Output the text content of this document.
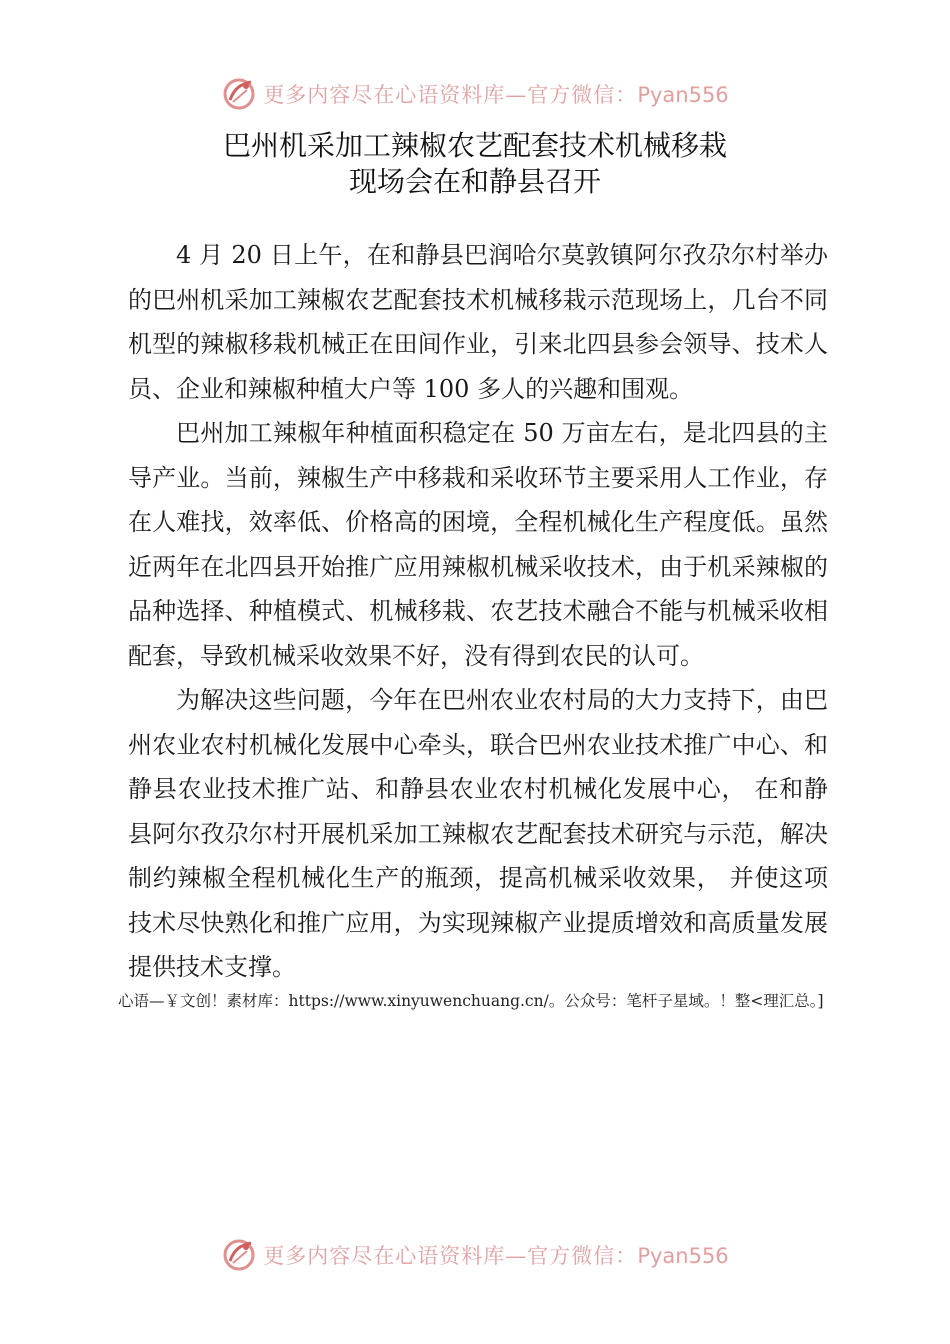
更多内容尽在心语资料库—官方微信：Pyan556
巴州机采加工辣椒农艺配套技术机械移栽
现场会在和静县召开

4 月 20 日上午，在和静县巴润哈尔莫敦镇阿尔孜尕尔村举办的巴州机采加工辣椒农艺配套技术机械移栽示范现场上，几台不同机型的辣椒移栽机械正在田间作业，引来北四县参会领导、技术人员、企业和辣椒种植大户等 100 多人的兴趣和围观。

巴州加工辣椒年种植面积稳定在 50 万亩左右，是北四县的主导产业。当前，辣椒生产中移栽和采收环节主要采用人工作业，存在人难找，效率低、价格高的困境，全程机械化生产程度低。虽然近两年在北四县开始推广应用辣椒机械采收技术，由于机采辣椒的品种选择、种植模式、机械移栽、农艺技术融合不能与机械采收相配套，导致机械采收效果不好，没有得到农民的认可。

为解决这些问题，今年在巴州农业农村局的大力支持下，由巴州农业农村机械化发展中心牵头，联合巴州农业技术推广中心、和静县农业技术推广站、和静县农业农村机械化发展中心， 在和静县阿尔孜尕尔村开展机采加工辣椒农艺配套技术研究与示范，解决制约辣椒全程机械化生产的瓶颈，提高机械采收效果， 并使这项技术尽快熟化和推广应用，为实现辣椒产业提质增效和高质量发展提供技术支撑。

心语—￥文创！素材库：https://www.xinyuwenchuang.cn/。公众号：笔杆子星域。！整<理汇总。]

更多内容尽在心语资料库—官方微信：Pyan556
